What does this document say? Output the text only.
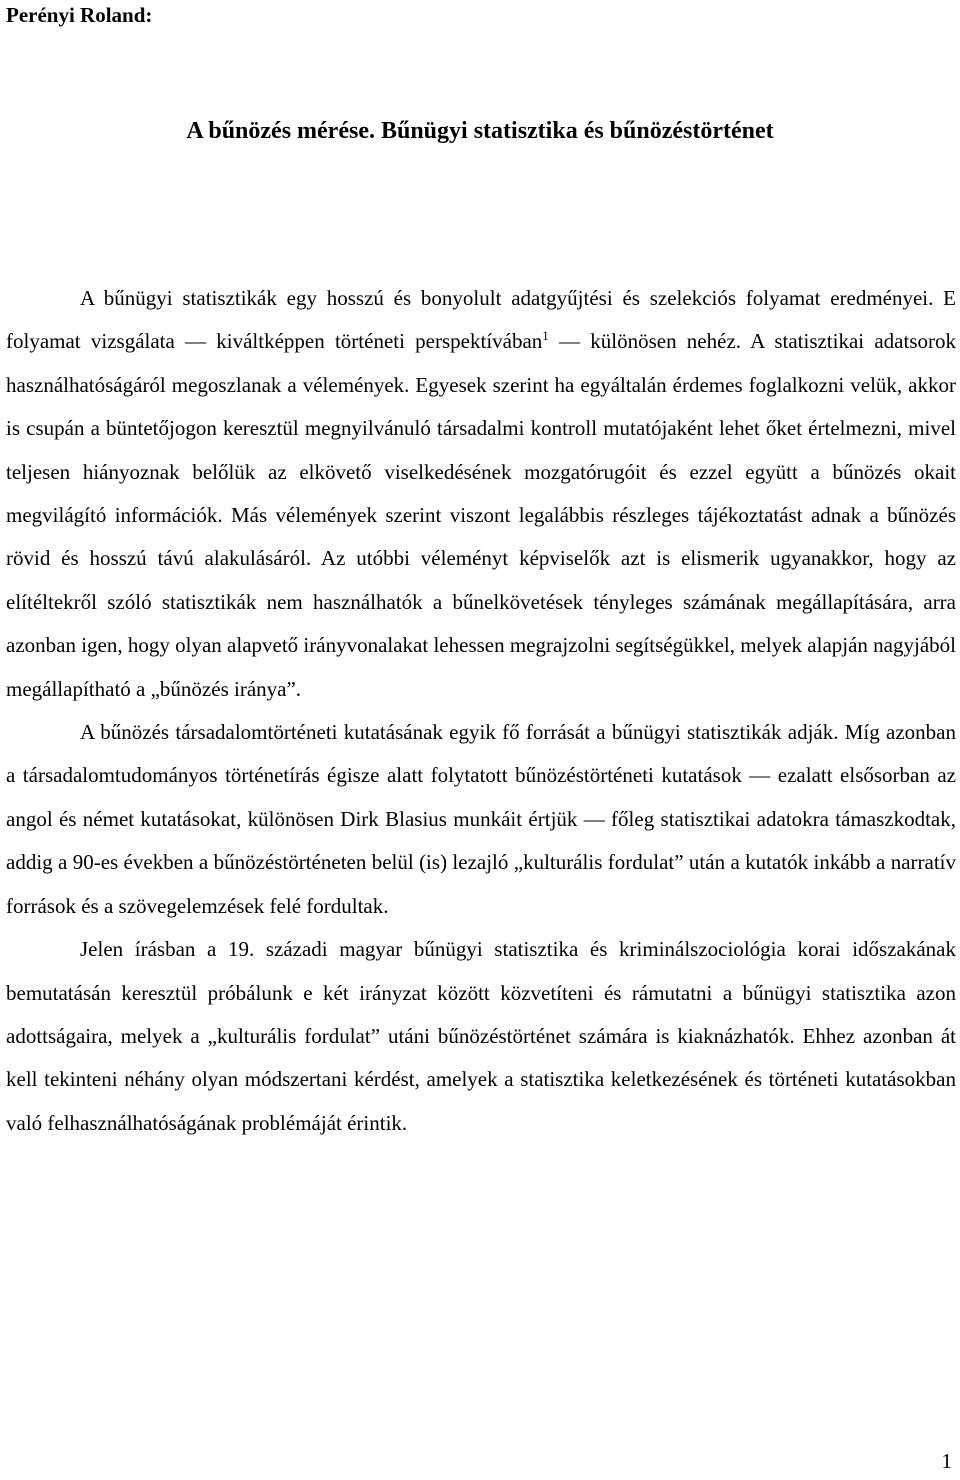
Perényi Roland:

A bűnözés mérése. Bűnügyi statisztika és bűnözéstörténet

A bűnügyi statisztikák egy hosszú és bonyolult adatgyűjtési és szelekciós folyamat eredményei. E folyamat vizsgálata — kiváltképpen történeti perspektívában$^1$ — különösen nehéz. A statisztikai adatsorok használhatóságáról megoszlanak a vélemények. Egyesek szerint ha egyáltalán érdemes foglalkozni velük, akkor is csupán a büntetőjogon keresztül megnyilvánuló társadalmi kontroll mutatójaként lehet őket értelmezni, mivel teljesen hiányoznak belőlük az elkövető viselkedésének mozgatórugóit és ezzel együtt a bűnözés okait megvilágító információk. Más vélemények szerint viszont legalábbis részleges tájékoztatást adnak a bűnözés rövid és hosszú távú alakulásáról. Az utóbbi véleményt képviselők azt is elismerik ugyanakkor, hogy az elítéltekről szóló statisztikák nem használhatók a bűnelkövetések tényleges számának megállapítására, arra azonban igen, hogy olyan alapvető irányvonalakat lehessen megrajzolni segítségükkel, melyek alapján nagyjából megállapítható a „bűnözés iránya”.

A bűnözés társadalomtörténeti kutatásának egyik fő forrását a bűnügyi statisztikák adják. Míg azonban a társadalomtudományos történetírás égisze alatt folytatott bűnözéstörténeti kutatások — ezalatt elsősorban az angol és német kutatásokat, különösen Dirk Blasius munkáit értjük — főleg statisztikai adatokra támaszkodtak, addig a 90-es években a bűnözéstörténeten belül (is) lezajló „kulturális fordulat” után a kutatók inkább a narratív források és a szövegelemzések felé fordultak.

Jelen írásban a 19. századi magyar bűnügyi statisztika és kriminálszociológia korai időszakának bemutatásán keresztül próbálunk e két irányzat között közvetíteni és rámutatni a bűnügyi statisztika azon adottságaira, melyek a „kulturális fordulat” utáni bűnözéstörténet számára is kiaknázhatók. Ehhez azonban át kell tekinteni néhány olyan módszertani kérdést, amelyek a statisztika keletkezésének és történeti kutatásokban való felhasználhatóságának problémáját érintik.

1
